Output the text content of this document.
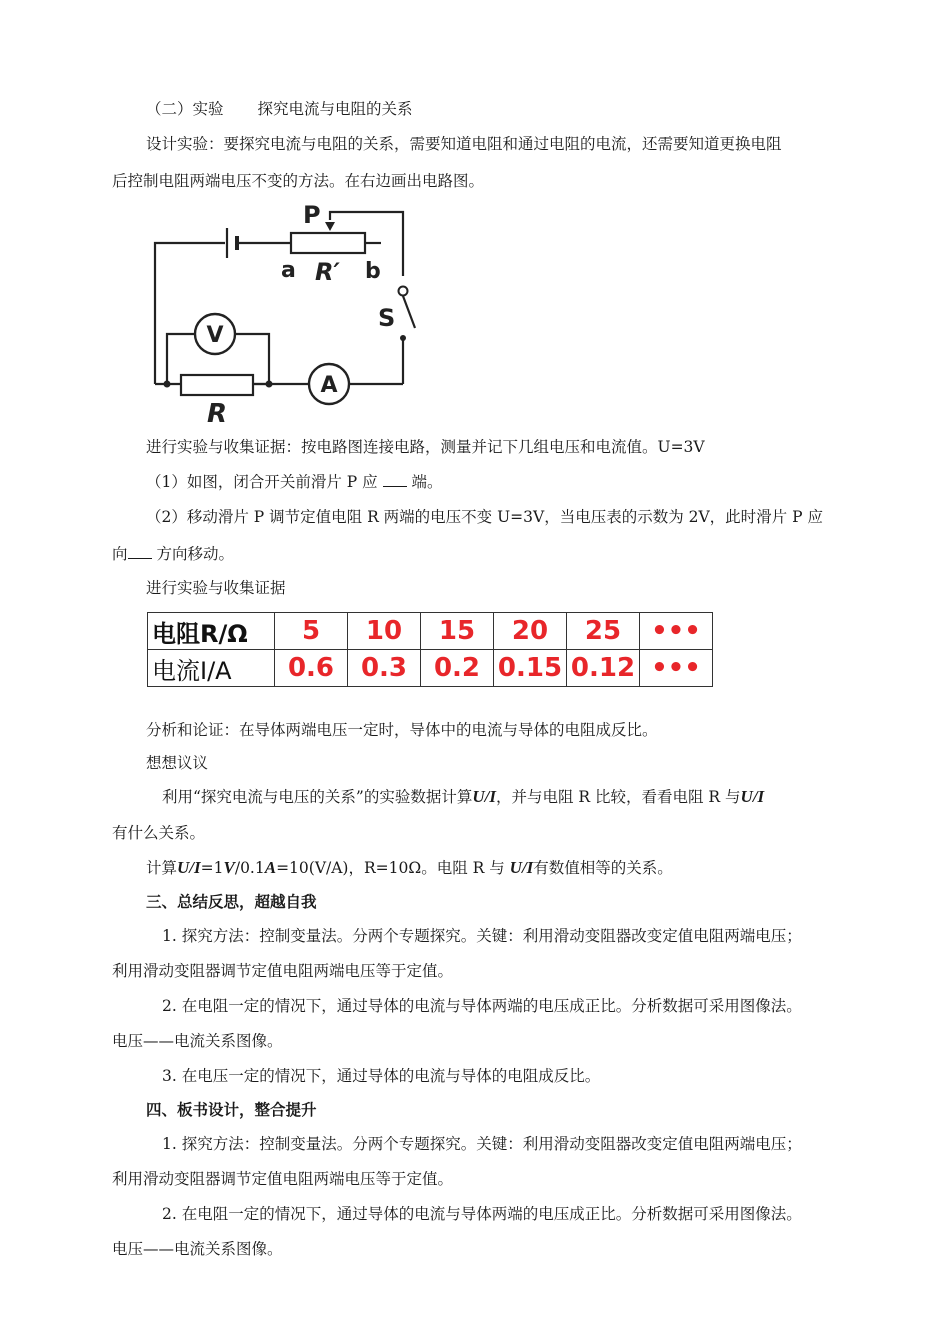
（二）实验 探究电流与电阻的关系
设计实验：要探究电流与电阻的关系，需要知道电阻和通过电阻的电流，还需要知道更换电阻
后控制电阻两端电压不变的方法。在右边画出电路图。
P
a R′ b
S
V
A
R
进行实验与收集证据：按电路图连接电路，测量并记下几组电压和电流值。U=3V
（1）如图，闭合开关前滑片 P 应 端。
（2）移动滑片 P 调节定值电阻 R 两端的电压不变 U=3V，当电压表的示数为 2V，此时滑片 P 应
向 方向移动。
进行实验与收集证据
电阻R/Ω	5	10	15	20	25	•••
电流I/A	0.6	0.3	0.2	0.15	0.12	•••
分析和论证：在导体两端电压一定时，导体中的电流与导体的电阻成反比。
想想议议
利用“探究电流与电压的关系”的实验数据计算U/I，并与电阻 R 比较，看看电阻 R 与U/I
有什么关系。
计算U/I=1V/0.1A=10(V/A)，R=10Ω。电阻 R 与 U/I有数值相等的关系。
三、总结反思，超越自我
1. 探究方法：控制变量法。分两个专题探究。关键：利用滑动变阻器改变定值电阻两端电压；
利用滑动变阻器调节定值电阻两端电压等于定值。
2. 在电阻一定的情况下，通过导体的电流与导体两端的电压成正比。分析数据可采用图像法。
电压——电流关系图像。
3. 在电压一定的情况下，通过导体的电流与导体的电阻成反比。
四、板书设计，整合提升
1. 探究方法：控制变量法。分两个专题探究。关键：利用滑动变阻器改变定值电阻两端电压；
利用滑动变阻器调节定值电阻两端电压等于定值。
2. 在电阻一定的情况下，通过导体的电流与导体两端的电压成正比。分析数据可采用图像法。
电压——电流关系图像。
